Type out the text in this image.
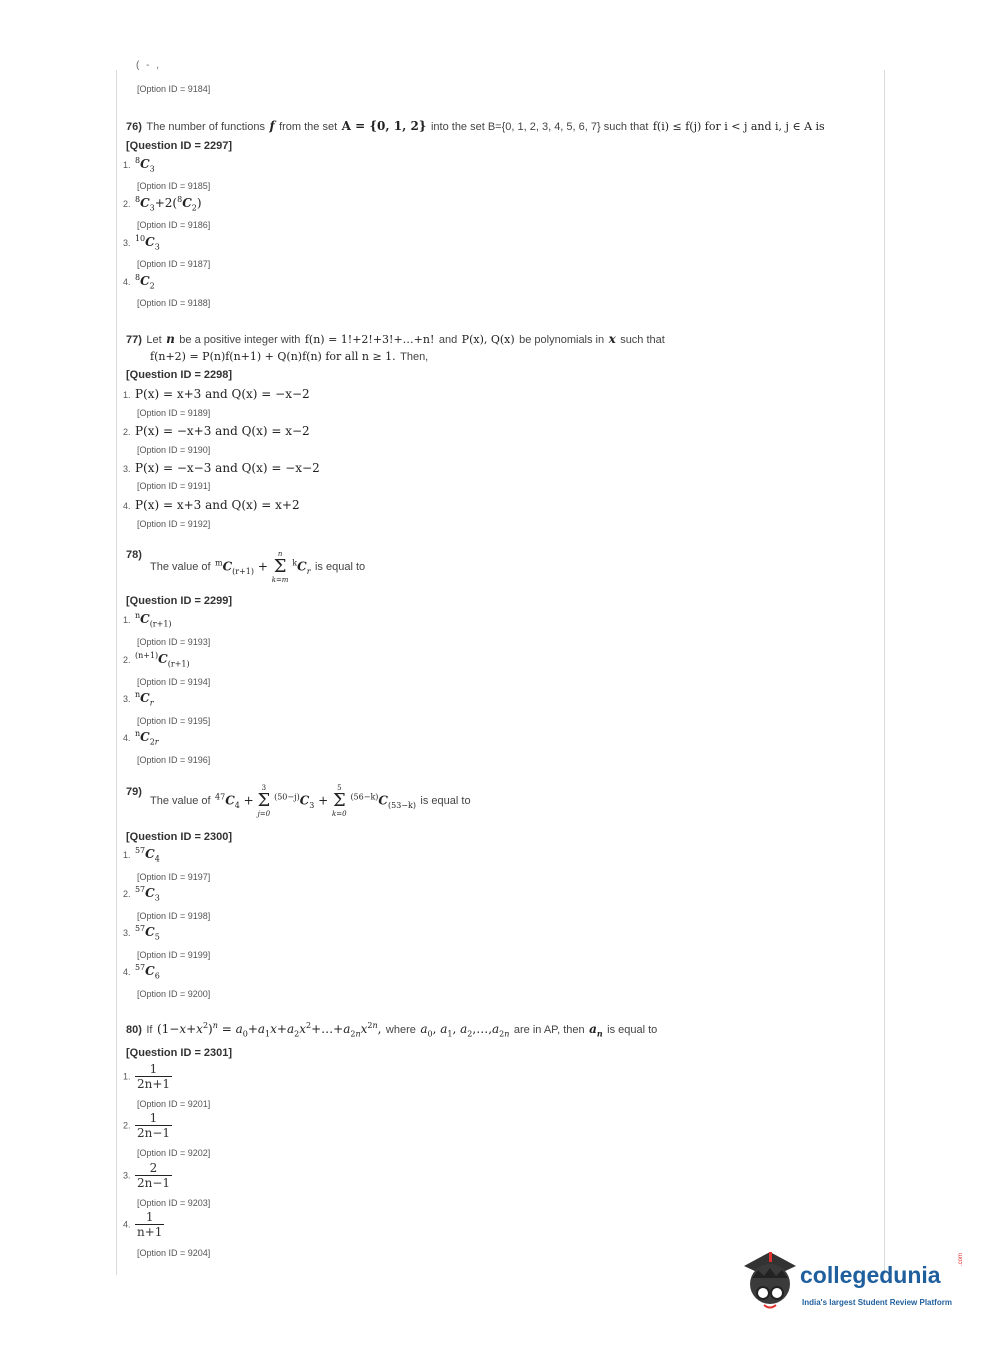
( - ,
[Option ID = 9184]
76) The number of functions f from the set A = {0, 1, 2} into the set B={0, 1, 2, 3, 4, 5, 6, 7} such that f(i) ≤ f(j) for i < j and i, j ∈ A is
[Question ID = 2297]
1. $^8C_3$
[Option ID = 9185]
2. $^8C_3+2(^8C_2)$
[Option ID = 9186]
3. $^{10}C_3$
[Option ID = 9187]
4. $^8C_2$
[Option ID = 9188]
77) Let n be a positive integer with f(n) = 1!+2!+3!+…+n! and P(x), Q(x) be polynomials in x such that
f(n+2) = P(n)f(n+1) + Q(n)f(n) for all n ≥ 1. Then,
[Question ID = 2298]
1. P(x) = x+3 and Q(x) = −x−2
[Option ID = 9189]
2. P(x) = −x+3 and Q(x) = x−2
[Option ID = 9190]
3. P(x) = −x−3 and Q(x) = −x−2
[Option ID = 9191]
4. P(x) = x+3 and Q(x) = x+2
[Option ID = 9192]
78)
The value of $^mC_{(r+1)}$ +
n
Σ
k=m
$^kC_r$ is equal to
[Question ID = 2299]
1. $^nC_{(r+1)}$
[Option ID = 9193]
2. $^{(n+1)}C_{(r+1)}$
[Option ID = 9194]
3. $^nC_r$
[Option ID = 9195]
4. $^nC_{2r}$
[Option ID = 9196]
79)
The value of $^{47}C_4$ +
3
Σ
j=0
$^{(50-j)}C_3$ +
5
Σ
k=0
$^{(56-k)}C_{(53-k)}$ is equal to
[Question ID = 2300]
1. $^{57}C_4$
[Option ID = 9197]
2. $^{57}C_3$
[Option ID = 9198]
3. $^{57}C_5$
[Option ID = 9199]
4. $^{57}C_6$
[Option ID = 9200]
80) If $(1-x+x^2)^n$ = $a_0+a_1x+a_2x^2+\dots+a_{2n}x^{2n}$, where $a_0$, $a_1$, $a_2,\dots,a_{2n}$ are in AP, then $a_n$ is equal to
[Question ID = 2301]
1. $\frac{1}{2n+1}$
[Option ID = 9201]
2. $\frac{1}{2n-1}$
[Option ID = 9202]
3. $\frac{2}{2n-1}$
[Option ID = 9203]
4. $\frac{1}{n+1}$
[Option ID = 9204]
collegedunia
.com
India's largest Student Review Platform
